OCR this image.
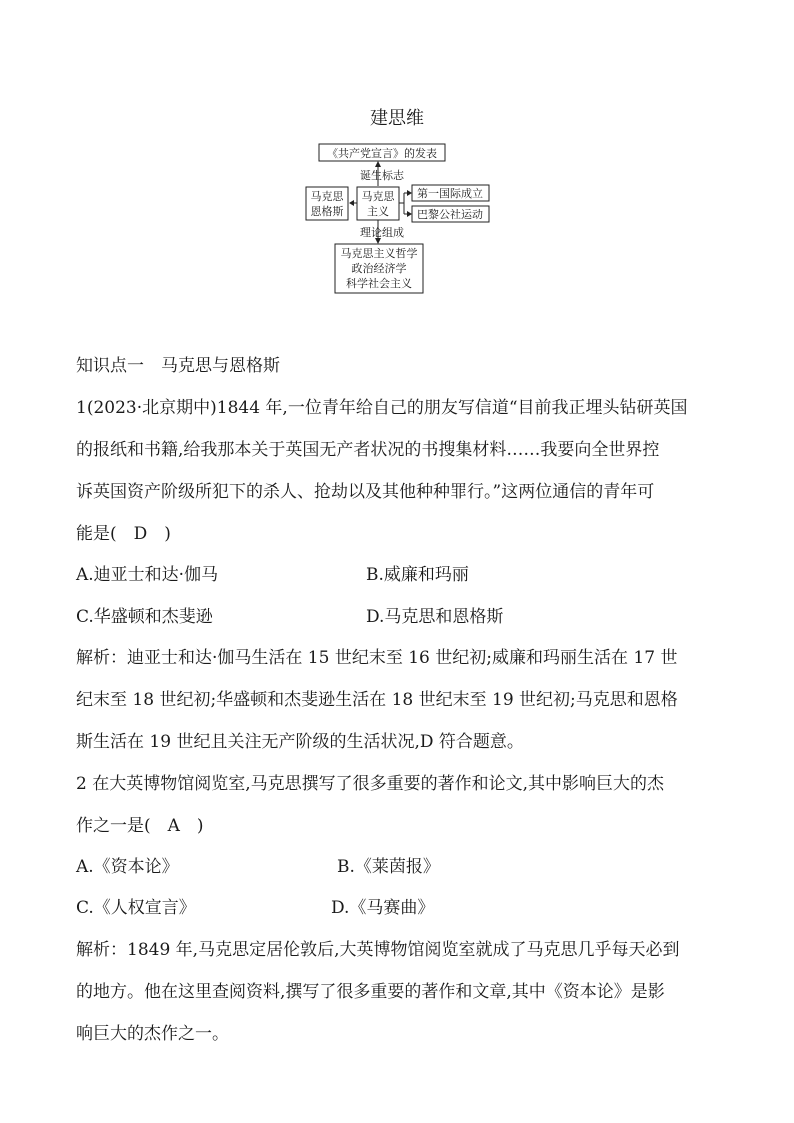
建思维
《共产党宣言》的发表
诞生标志
马克思
恩格斯
马克思
主义
第一国际成立
巴黎公社运动
理论组成
马克思主义哲学
政治经济学
科学社会主义
知识点一　马克思与恩格斯
1(2023·北京期中)1844 年,一位青年给自己的朋友写信道“目前我正埋头钻研英国
的报纸和书籍,给我那本关于英国无产者状况的书搜集材料……我要向全世界控
诉英国资产阶级所犯下的杀人、抢劫以及其他种种罪行。”这两位通信的青年可
能是(　D　)
A.迪亚士和达·伽马	B.威廉和玛丽
C.华盛顿和杰斐逊	D.马克思和恩格斯
解析：迪亚士和达·伽马生活在 15 世纪末至 16 世纪初;威廉和玛丽生活在 17 世
纪末至 18 世纪初;华盛顿和杰斐逊生活在 18 世纪末至 19 世纪初;马克思和恩格
斯生活在 19 世纪且关注无产阶级的生活状况,D 符合题意。
2 在大英博物馆阅览室,马克思撰写了很多重要的著作和论文,其中影响巨大的杰
作之一是(　A　)
A.《资本论》	B.《莱茵报》
C.《人权宣言》	D.《马赛曲》
解析：1849 年,马克思定居伦敦后,大英博物馆阅览室就成了马克思几乎每天必到
的地方。他在这里查阅资料,撰写了很多重要的著作和文章,其中《资本论》是影
响巨大的杰作之一。
